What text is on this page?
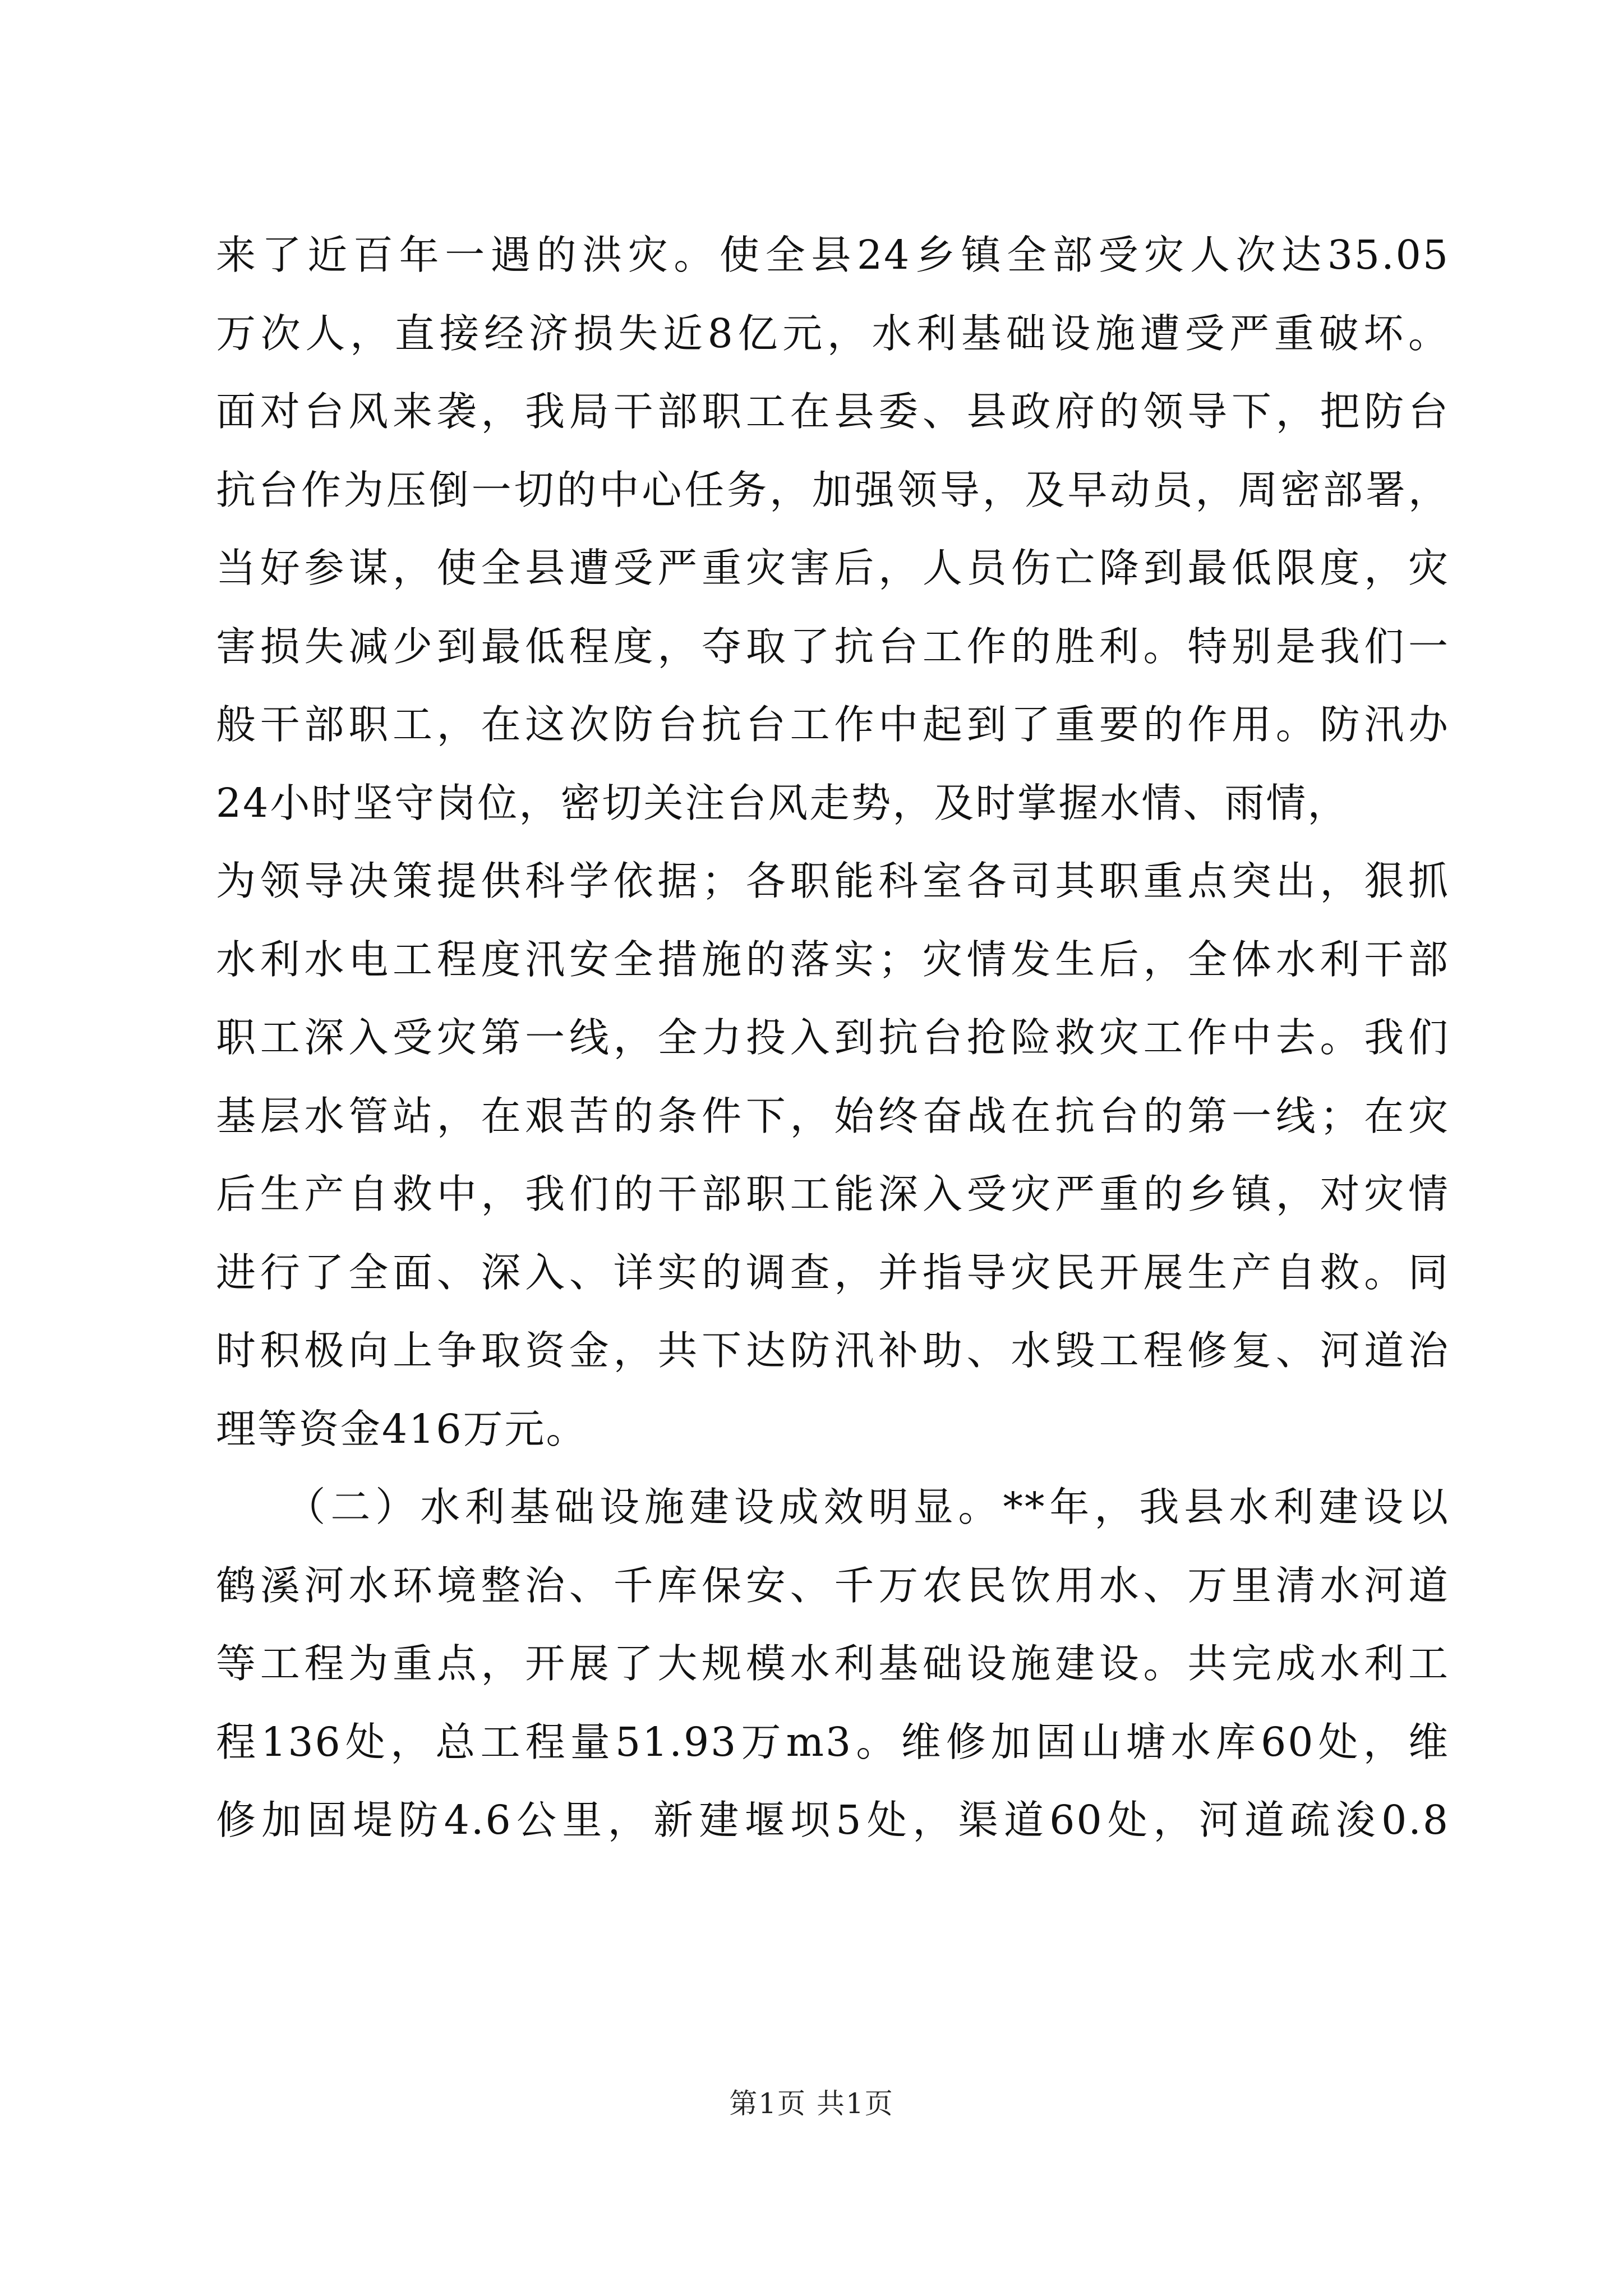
来了近百年一遇的洪灾。使全县24乡镇全部受灾人次达35.05
万次人，直接经济损失近8亿元，水利基础设施遭受严重破坏。
面对台风来袭，我局干部职工在县委、县政府的领导下，把防台
抗台作为压倒一切的中心任务，加强领导，及早动员，周密部署，
当好参谋，使全县遭受严重灾害后，人员伤亡降到最低限度，灾
害损失减少到最低程度，夺取了抗台工作的胜利。特别是我们一
般干部职工，在这次防台抗台工作中起到了重要的作用。防汛办
24小时坚守岗位，密切关注台风走势，及时掌握水情、雨情，
为领导决策提供科学依据；各职能科室各司其职重点突出，狠抓
水利水电工程度汛安全措施的落实；灾情发生后，全体水利干部
职工深入受灾第一线，全力投入到抗台抢险救灾工作中去。我们
基层水管站，在艰苦的条件下，始终奋战在抗台的第一线；在灾
后生产自救中，我们的干部职工能深入受灾严重的乡镇，对灾情
进行了全面、深入、详实的调查，并指导灾民开展生产自救。同
时积极向上争取资金，共下达防汛补助、水毁工程修复、河道治
理等资金416万元。
　　（二）水利基础设施建设成效明显。**年，我县水利建设以
鹤溪河水环境整治、千库保安、千万农民饮用水、万里清水河道
等工程为重点，开展了大规模水利基础设施建设。共完成水利工
程136处，总工程量51.93万m3。维修加固山塘水库60处，维
修加固堤防4.6公里，新建堰坝5处，渠道60处，河道疏浚0.8
第1页 共1页
